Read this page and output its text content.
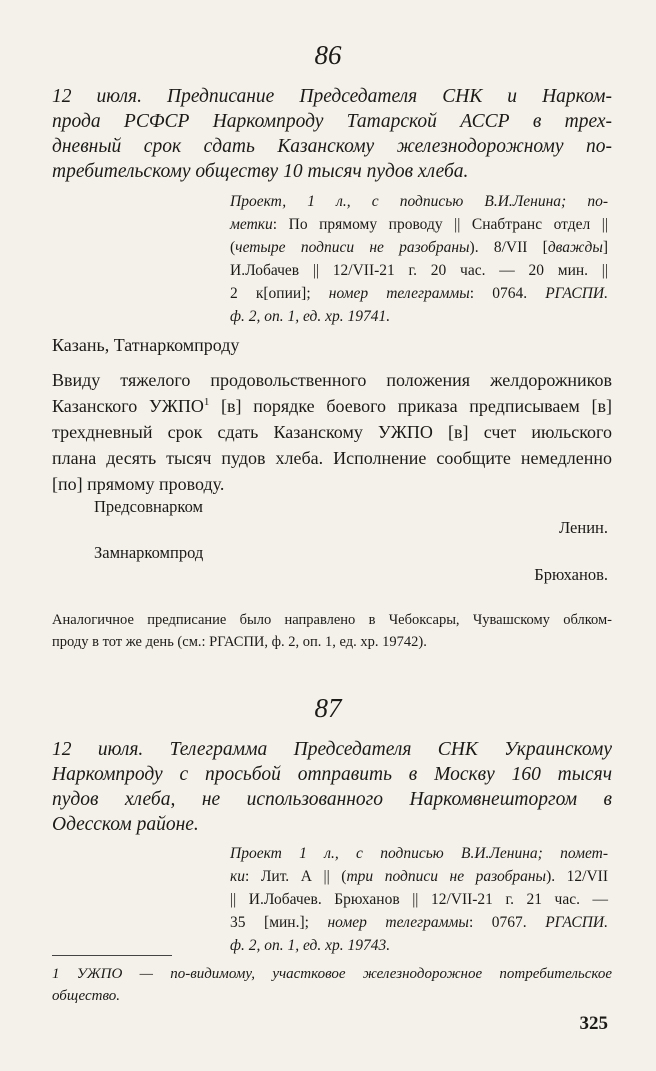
86
12 июля. Предписание Председателя СНК и Нарком-
прода РСФСР Наркомпроду Татарской АССР в трех-
дневный срок сдать Казанскому железнодорожному по-
требительскому обществу 10 тысяч пудов хлеба.
Проект, 1 л., с подписью В.И.Ленина; по-
метки: По прямому проводу || Снабтранс отдел ||
(четыре подписи не разобраны). 8/VII [дважды]
И.Лобачев || 12/VII-21 г. 20 час. — 20 мин. ||
2 к[опии]; номер телеграммы: 0764. РГАСПИ.
ф. 2, оп. 1, ед. хр. 19741.
Казань, Татнаркомпроду
Ввиду тяжелого продовольственного положения желдорожников
Казанского УЖПО$^1$ [в] порядке боевого приказа предписываем [в]
трехдневный срок сдать Казанскому УЖПО [в] счет июльского
плана десять тысяч пудов хлеба. Исполнение сообщите немедленно
[по] прямому проводу.
Предсовнарком
Ленин.
Замнаркомпрод
Брюханов.
Аналогичное предписание было направлено в Чебоксары, Чувашскому облком-
проду в тот же день (см.: РГАСПИ, ф. 2, оп. 1, ед. хр. 19742).
87
12 июля. Телеграмма Председателя СНК Украинскому
Наркомпроду с просьбой отправить в Москву 160 тысяч
пудов хлеба, не использованного Наркомвнешторгом в
Одесском районе.
Проект 1 л., с подписью В.И.Ленина; помет-
ки: Лит. А || (три подписи не разобраны). 12/VII
|| И.Лобачев. Брюханов || 12/VII-21 г. 21 час. —
35 [мин.]; номер телеграммы: 0767. РГАСПИ.
ф. 2, оп. 1, ед. хр. 19743.
1 УЖПО — по-видимому, участковое железнодорожное потребительское
общество.
325
